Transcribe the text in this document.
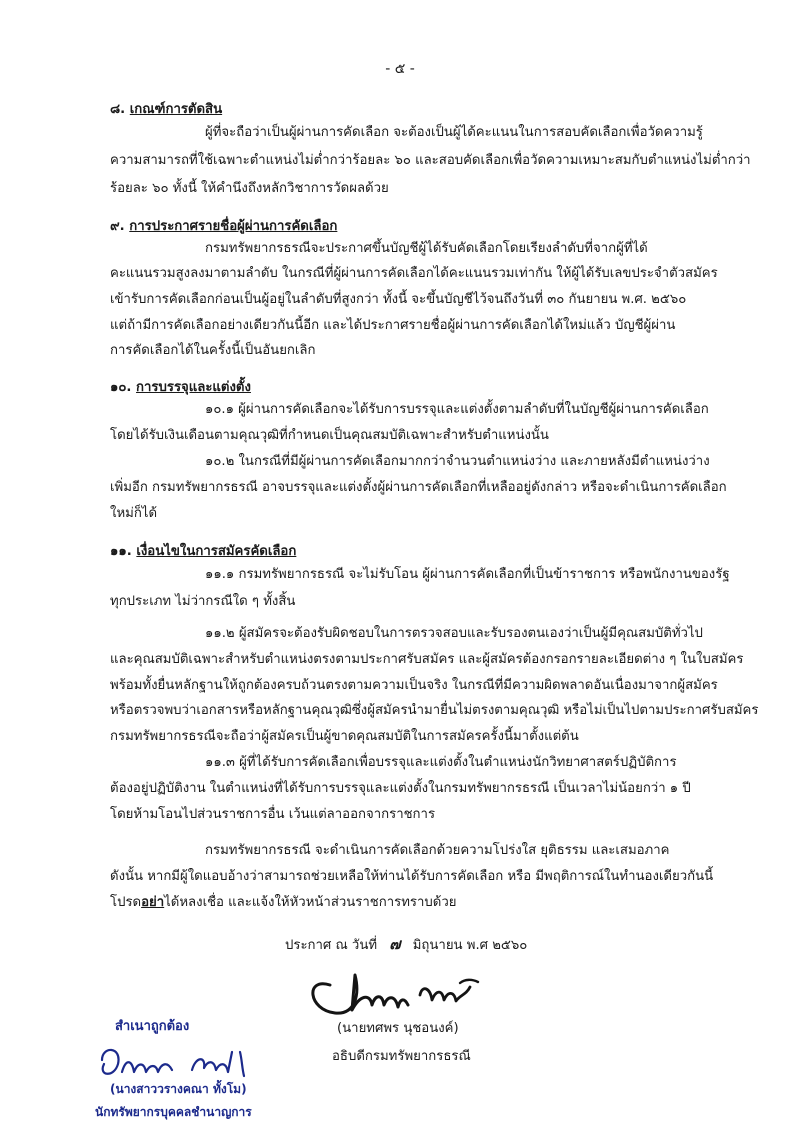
- ๕ -
๘. เกณฑ์การตัดสิน
ผู้ที่จะถือว่าเป็นผู้ผ่านการคัดเลือก จะต้องเป็นผู้ได้คะแนนในการสอบคัดเลือกเพื่อวัดความรู้
ความสามารถที่ใช้เฉพาะตำแหน่งไม่ต่ำกว่าร้อยละ ๖๐ และสอบคัดเลือกเพื่อวัดความเหมาะสมกับตำแหน่งไม่ต่ำกว่า
ร้อยละ ๖๐ ทั้งนี้ ให้คำนึงถึงหลักวิชาการวัดผลด้วย
๙. การประกาศรายชื่อผู้ผ่านการคัดเลือก
กรมทรัพยากรธรณีจะประกาศขึ้นบัญชีผู้ได้รับคัดเลือกโดยเรียงลำดับที่จากผู้ที่ได้
คะแนนรวมสูงลงมาตามลำดับ ในกรณีที่ผู้ผ่านการคัดเลือกได้คะแนนรวมเท่ากัน ให้ผู้ได้รับเลขประจำตัวสมัคร
เข้ารับการคัดเลือกก่อนเป็นผู้อยู่ในลำดับที่สูงกว่า ทั้งนี้ จะขึ้นบัญชีไว้จนถึงวันที่ ๓๐ กันยายน พ.ศ. ๒๕๖๐
แต่ถ้ามีการคัดเลือกอย่างเดียวกันนี้อีก และได้ประกาศรายชื่อผู้ผ่านการคัดเลือกได้ใหม่แล้ว บัญชีผู้ผ่าน
การคัดเลือกได้ในครั้งนี้เป็นอันยกเลิก
๑๐. การบรรจุและแต่งตั้ง
๑๐.๑ ผู้ผ่านการคัดเลือกจะได้รับการบรรจุและแต่งตั้งตามลำดับที่ในบัญชีผู้ผ่านการคัดเลือก
โดยได้รับเงินเดือนตามคุณวุฒิที่กำหนดเป็นคุณสมบัติเฉพาะสำหรับตำแหน่งนั้น
๑๐.๒ ในกรณีที่มีผู้ผ่านการคัดเลือกมากกว่าจำนวนตำแหน่งว่าง และภายหลังมีตำแหน่งว่าง
เพิ่มอีก กรมทรัพยากรธรณี อาจบรรจุและแต่งตั้งผู้ผ่านการคัดเลือกที่เหลืออยู่ดังกล่าว หรือจะดำเนินการคัดเลือก
ใหม่ก็ได้
๑๑. เงื่อนไขในการสมัครคัดเลือก
๑๑.๑ กรมทรัพยากรธรณี จะไม่รับโอน ผู้ผ่านการคัดเลือกที่เป็นข้าราชการ หรือพนักงานของรัฐ
ทุกประเภท ไม่ว่ากรณีใด ๆ ทั้งสิ้น
๑๑.๒ ผู้สมัครจะต้องรับผิดชอบในการตรวจสอบและรับรองตนเองว่าเป็นผู้มีคุณสมบัติทั่วไป
และคุณสมบัติเฉพาะสำหรับตำแหน่งตรงตามประกาศรับสมัคร และผู้สมัครต้องกรอกรายละเอียดต่าง ๆ ในใบสมัคร
พร้อมทั้งยื่นหลักฐานให้ถูกต้องครบถ้วนตรงตามความเป็นจริง ในกรณีที่มีความผิดพลาดอันเนื่องมาจากผู้สมัคร
หรือตรวจพบว่าเอกสารหรือหลักฐานคุณวุฒิซึ่งผู้สมัครนำมายื่นไม่ตรงตามคุณวุฒิ หรือไม่เป็นไปตามประกาศรับสมัคร
กรมทรัพยากรธรณีจะถือว่าผู้สมัครเป็นผู้ขาดคุณสมบัติในการสมัครครั้งนี้มาตั้งแต่ต้น
๑๑.๓ ผู้ที่ได้รับการคัดเลือกเพื่อบรรจุและแต่งตั้งในตำแหน่งนักวิทยาศาสตร์ปฏิบัติการ
ต้องอยู่ปฏิบัติงาน ในตำแหน่งที่ได้รับการบรรจุและแต่งตั้งในกรมทรัพยากรธรณี เป็นเวลาไม่น้อยกว่า ๑ ปี
โดยห้ามโอนไปส่วนราชการอื่น เว้นแต่ลาออกจากราชการ
กรมทรัพยากรธรณี จะดำเนินการคัดเลือกด้วยความโปร่งใส ยุติธรรม และเสมอภาค
ดังนั้น หากมีผู้ใดแอบอ้างว่าสามารถช่วยเหลือให้ท่านได้รับการคัดเลือก หรือ มีพฤติการณ์ในทำนองเดียวกันนี้
โปรดอย่าได้หลงเชื่อ และแจ้งให้หัวหน้าส่วนราชการทราบด้วย
ประกาศ ณ วันที่ ๗ มิถุนายน พ.ศ ๒๕๖๐
(นายทศพร นุชอนงค์)
อธิบดีกรมทรัพยากรธรณี
สำเนาถูกต้อง
(นางสาววรางคณา ทั้งโม)
นักทรัพยากรบุคคลชำนาญการ
